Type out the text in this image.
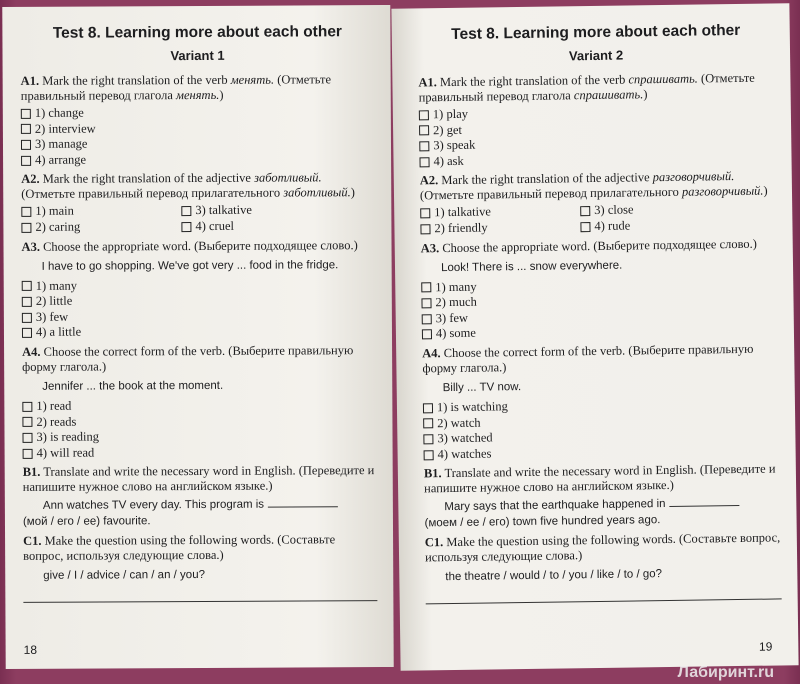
Test 8. Learning more about each other
Variant 1
A1. Mark the right translation of the verb менять. (Отметьте правильный перевод глагола менять.)
1) change
2) interview
3) manage
4) arrange
A2. Mark the right translation of the adjective заботливый. (Отметьте правильный перевод прилагательного заботливый.)
1) main
2) caring
3) talkative
4) cruel
A3. Choose the appropriate word. (Выберите подходящее слово.)
I have to go shopping. We've got very ... food in the fridge.
1) many
2) little
3) few
4) a little
A4. Choose the correct form of the verb. (Выберите правильную форму глагола.)
Jennifer ... the book at the moment.
1) read
2) reads
3) is reading
4) will read
B1. Translate and write the necessary word in English. (Переведите и напишите нужное слово на английском языке.)
Ann watches TV every day. This program is
(мой / его / ее) favourite.
C1. Make the question using the following words. (Составьте вопрос, используя следующие слова.)
give / I / advice / can / an / you?
18
Test 8. Learning more about each other
Variant 2
A1. Mark the right translation of the verb спрашивать. (Отметьте правильный перевод глагола спрашивать.)
1) play
2) get
3) speak
4) ask
A2. Mark the right translation of the adjective разговорчивый. (Отметьте правильный перевод прилагательного разговорчивый.)
1) talkative
2) friendly
3) close
4) rude
A3. Choose the appropriate word. (Выберите подходящее слово.)
Look! There is ... snow everywhere.
1) many
2) much
3) few
4) some
A4. Choose the correct form of the verb. (Выберите правильную форму глагола.)
Billy ... TV now.
1) is watching
2) watch
3) watched
4) watches
B1. Translate and write the necessary word in English. (Переведите и напишите нужное слово на английском языке.)
Mary says that the earthquake happened in
(моем / ее / его) town five hundred years ago.
C1. Make the question using the following words. (Составьте вопрос, используя следующие слова.)
the theatre / would / to / you / like / to / go?
19
Лабиринт.ru
